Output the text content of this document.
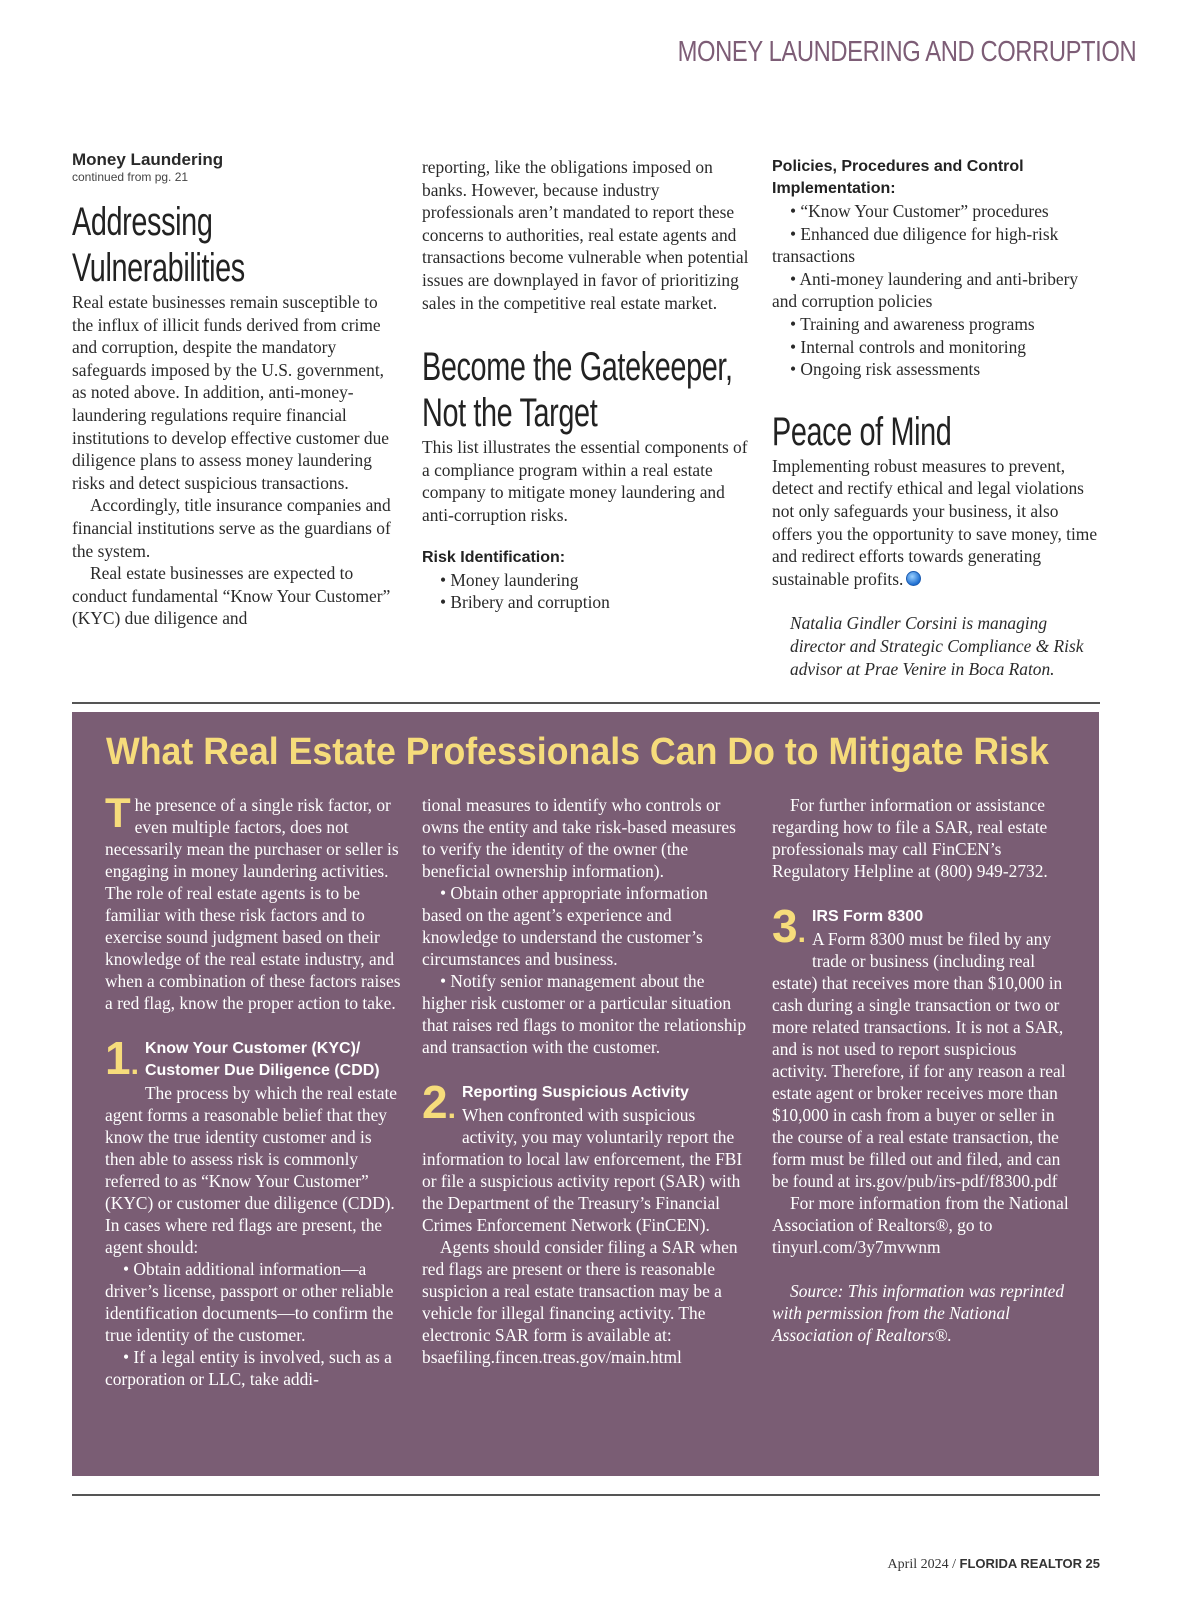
MONEY LAUNDERING AND CORRUPTION
Money Laundering
continued from pg. 21
Addressing
Vulnerabilities

Real estate businesses remain susceptible to the influx of illicit funds derived from crime and corruption, despite the mandatory safeguards imposed by the U.S. government, as noted above. In addition, anti-money-laundering regulations require financial institutions to develop effective customer due diligence plans to assess money laundering risks and detect suspicious transactions.

Accordingly, title insurance companies and financial institutions serve as the guardians of the system.

Real estate businesses are expected to conduct fundamental “Know Your Customer” (KYC) due diligence and

reporting, like the obligations imposed on banks. However, because industry professionals aren’t mandated to report these concerns to authorities, real estate agents and transactions become vulnerable when potential issues are downplayed in favor of prioritizing sales in the competitive real estate market.

Become the Gatekeeper,
Not the Target

This list illustrates the essential components of a compliance program within a real estate company to mitigate money laundering and anti-corruption risks.

Risk Identification:

• Money laundering

• Bribery and corruption

Policies, Procedures and Control Implementation:

• “Know Your Customer” procedures

• Enhanced due diligence for high-risk transactions

• Anti-money laundering and anti-bribery and corruption policies

• Training and awareness programs

• Internal controls and monitoring

• Ongoing risk assessments

Peace of Mind

Implementing robust measures to prevent, detect and rectify ethical and legal violations not only safeguards your business, it also offers you the opportunity to save money, time and redirect efforts towards generating sustainable profits.

Natalia Gindler Corsini is managing director and Strategic Compliance & Risk advisor at Prae Venire in Boca Raton.

What Real Estate Professionals Can Do to Mitigate Risk

The presence of a single risk factor, or even multiple factors, does not necessarily mean the purchaser or seller is engaging in money laundering activities. The role of real estate agents is to be familiar with these risk factors and to exercise sound judgment based on their knowledge of the real estate industry, and when a combination of these factors raises a red flag, know the proper action to take.

1. Know Your Customer (KYC)/ Customer Due Diligence (CDD)

The process by which the real estate agent forms a reasonable belief that they know the true identity customer and is then able to assess risk is commonly referred to as “Know Your Customer” (KYC) or customer due diligence (CDD). In cases where red flags are present, the agent should:

• Obtain additional information—a driver’s license, passport or other reliable identification documents—to confirm the true identity of the customer.

• If a legal entity is involved, such as a corporation or LLC, take addi-

tional measures to identify who controls or owns the entity and take risk-based measures to verify the identity of the owner (the beneficial ownership information).

• Obtain other appropriate information based on the agent’s experience and knowledge to understand the customer’s circumstances and business.

• Notify senior management about the higher risk customer or a particular situation that raises red flags to monitor the relationship and transaction with the customer.

2. Reporting Suspicious Activity

When confronted with suspicious activity, you may voluntarily report the information to local law enforcement, the FBI or file a suspicious activity report (SAR) with the Department of the Treasury’s Financial Crimes Enforcement Network (FinCEN).

Agents should consider filing a SAR when red flags are present or there is reasonable suspicion a real estate transaction may be a vehicle for illegal financing activity. The electronic SAR form is available at: bsaefiling.fincen.treas.gov/main.html

For further information or assistance regarding how to file a SAR, real estate professionals may call FinCEN’s Regulatory Helpline at (800) 949-2732.

3. IRS Form 8300

A Form 8300 must be filed by any trade or business (including real estate) that receives more than $10,000 in cash during a single transaction or two or more related transactions. It is not a SAR, and is not used to report suspicious activity. Therefore, if for any reason a real estate agent or broker receives more than $10,000 in cash from a buyer or seller in the course of a real estate transaction, the form must be filled out and filed, and can be found at irs.gov/pub/irs-pdf/f8300.pdf

For more information from the National Association of Realtors®, go to tinyurl.com/3y7mvwnm

Source: This information was reprinted with permission from the National Association of Realtors®.

April 2024 / FLORIDA REALTOR 25
